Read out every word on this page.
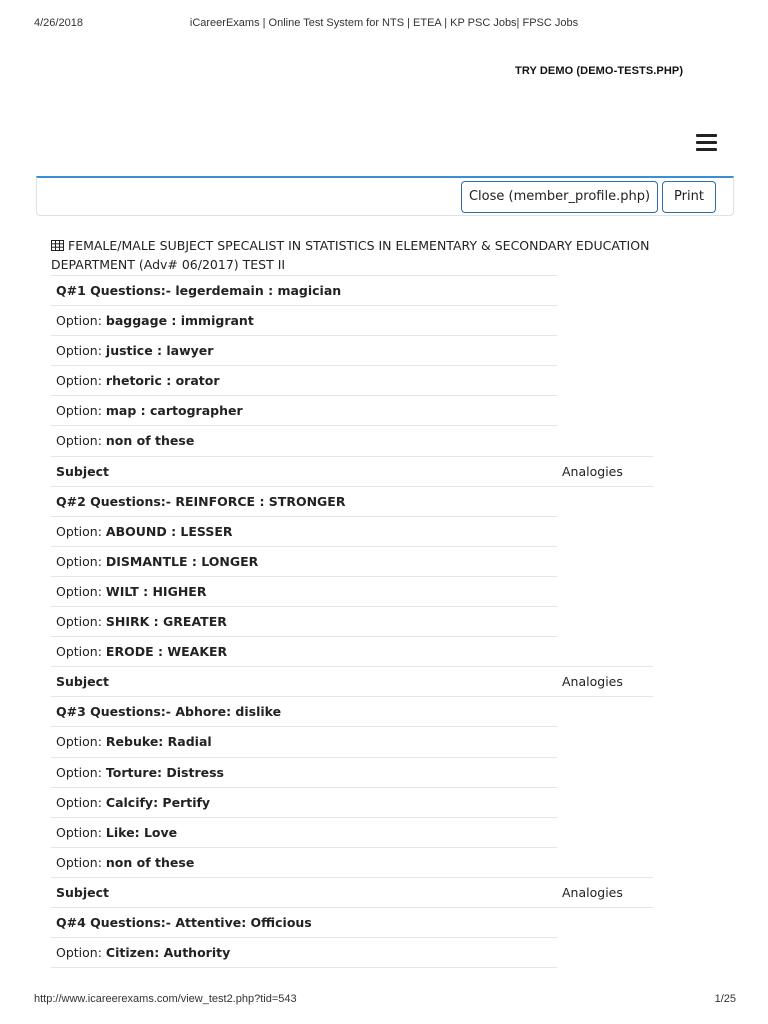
4/26/2018	iCareerExams | Online Test System for NTS | ETEA | KP PSC Jobs| FPSC Jobs
TRY DEMO (DEMO-TESTS.PHP)
Close (member_profile.php)	Print
FEMALE/MALE SUBJECT SPECALIST IN STATISTICS IN ELEMENTARY & SECONDARY EDUCATION DEPARTMENT (Adv# 06/2017) TEST II
Q#1 Questions:- legerdemain : magician
Option: baggage : immigrant
Option: justice : lawyer
Option: rhetoric : orator
Option: map : cartographer
Option: non of these
Subject	Analogies
Q#2 Questions:- REINFORCE : STRONGER
Option: ABOUND : LESSER
Option: DISMANTLE : LONGER
Option: WILT : HIGHER
Option: SHIRK : GREATER
Option: ERODE : WEAKER
Subject	Analogies
Q#3 Questions:- Abhore: dislike
Option: Rebuke: Radial
Option: Torture: Distress
Option: Calcify: Pertify
Option: Like: Love
Option: non of these
Subject	Analogies
Q#4 Questions:- Attentive: Officious
Option: Citizen: Authority
http://www.icareerexams.com/view_test2.php?tid=543	1/25
